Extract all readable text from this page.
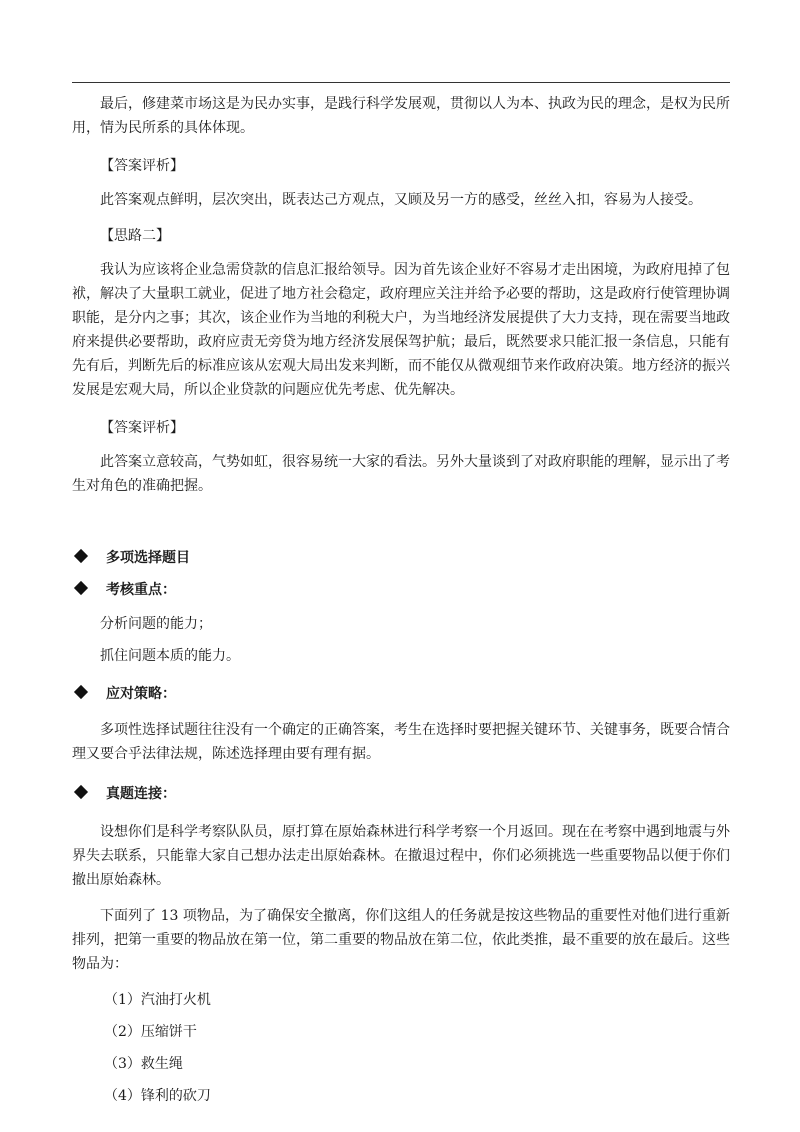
最后，修建菜市场这是为民办实事，是践行科学发展观，贯彻以人为本、执政为民的理念，是权为民所用，情为民所系的具体体现。

【答案评析】

此答案观点鲜明，层次突出，既表达己方观点，又顾及另一方的感受，丝丝入扣，容易为人接受。

【思路二】

我认为应该将企业急需贷款的信息汇报给领导。因为首先该企业好不容易才走出困境，为政府甩掉了包袱，解决了大量职工就业，促进了地方社会稳定，政府理应关注并给予必要的帮助，这是政府行使管理协调职能，是分内之事；其次，该企业作为当地的利税大户，为当地经济发展提供了大力支持，现在需要当地政府来提供必要帮助，政府应责无旁贷为地方经济发展保驾护航；最后，既然要求只能汇报一条信息，只能有先有后，判断先后的标准应该从宏观大局出发来判断，而不能仅从微观细节来作政府决策。地方经济的振兴发展是宏观大局，所以企业贷款的问题应优先考虑、优先解决。

【答案评析】

此答案立意较高，气势如虹，很容易统一大家的看法。另外大量谈到了对政府职能的理解，显示出了考生对角色的准确把握。

多项选择题目

考核重点：

分析问题的能力；

抓住问题本质的能力。

应对策略：

多项性选择试题往往没有一个确定的正确答案，考生在选择时要把握关键环节、关键事务，既要合情合理又要合乎法律法规，陈述选择理由要有理有据。

真题连接：

设想你们是科学考察队队员，原打算在原始森林进行科学考察一个月返回。现在在考察中遇到地震与外界失去联系，只能靠大家自己想办法走出原始森林。在撤退过程中，你们必须挑选一些重要物品以便于你们撤出原始森林。

下面列了 13 项物品，为了确保安全撤离，你们这组人的任务就是按这些物品的重要性对他们进行重新排列，把第一重要的物品放在第一位，第二重要的物品放在第二位，依此类推，最不重要的放在最后。这些物品为：

（1）汽油打火机

（2）压缩饼干

（3）救生绳

（4）锋利的砍刀
